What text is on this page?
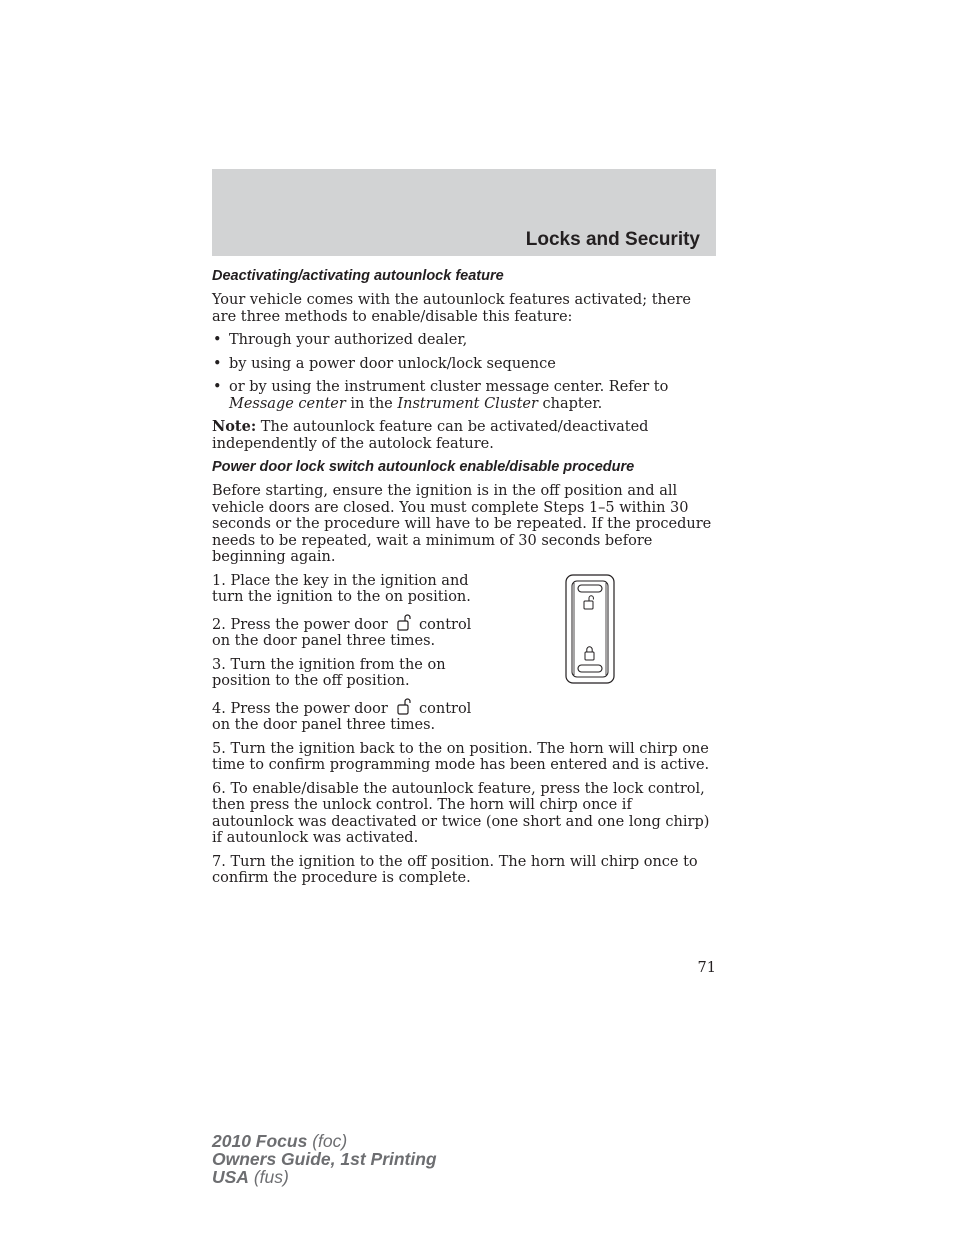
Locks and Security
Deactivating/activating autounlock feature

Your vehicle comes with the autounlock features activated; there are three methods to enable/disable this feature:

• Through your authorized dealer,
• by using a power door unlock/lock sequence
• or by using the instrument cluster message center. Refer to Message center in the Instrument Cluster chapter.

Note: The autounlock feature can be activated/deactivated independently of the autolock feature.

Power door lock switch autounlock enable/disable procedure

Before starting, ensure the ignition is in the off position and all vehicle doors are closed. You must complete Steps 1–5 within 30 seconds or the procedure will have to be repeated. If the procedure needs to be repeated, wait a minimum of 30 seconds before beginning again.

1. Place the key in the ignition and
turn the ignition to the on position.

2. Press the power door control
on the door panel three times.

3. Turn the ignition from the on
position to the off position.

4. Press the power door control
on the door panel three times.

5. Turn the ignition back to the on position. The horn will chirp one time to confirm programming mode has been entered and is active.

6. To enable/disable the autounlock feature, press the lock control, then press the unlock control. The horn will chirp once if autounlock was deactivated or twice (one short and one long chirp) if autounlock was activated.

7. Turn the ignition to the off position. The horn will chirp once to confirm the procedure is complete.

71
2010 Focus (foc)
Owners Guide, 1st Printing
USA (fus)
